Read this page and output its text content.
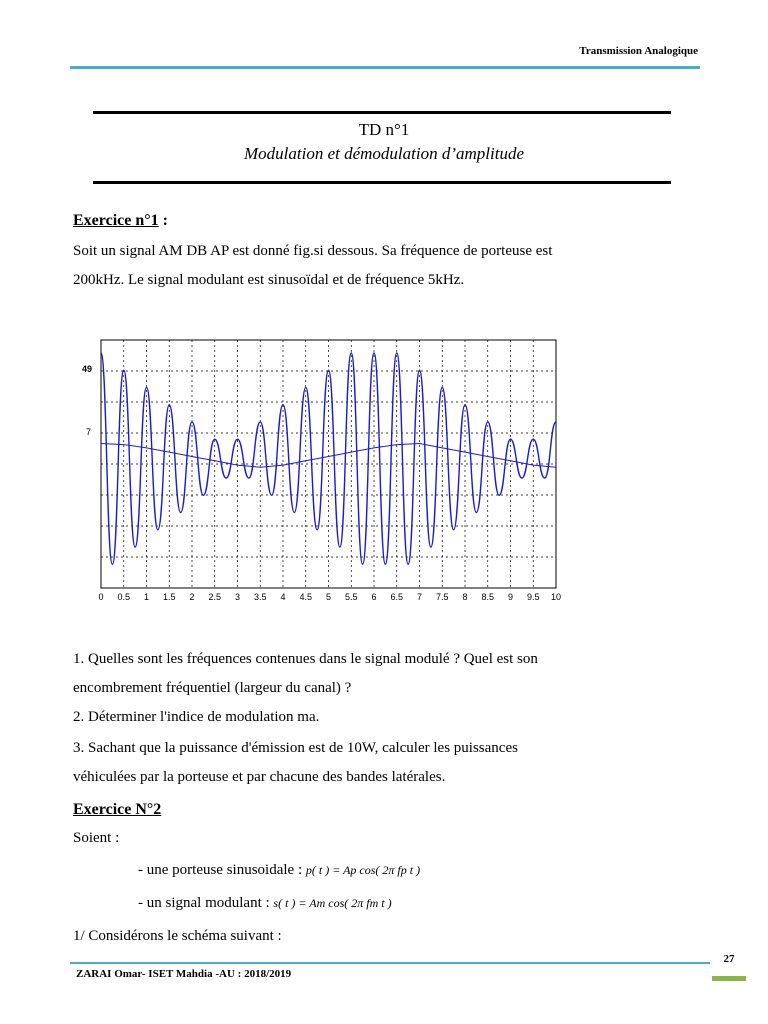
Transmission Analogique
TD n°1
Modulation et démodulation d’amplitude
Exercice n°1 :
Soit un signal AM DB AP est donné fig.si dessous. Sa fréquence de porteuse est
200kHz. Le signal modulant est sinusoïdal et de fréquence 5kHz.
0 0.5 1 1.5 2 2.5 3 3.5 4 4.5 5 5.5 6 6.5 7 7.5 8 8.5 9 9.5 10
49
7
1. Quelles sont les fréquences contenues dans le signal modulé ? Quel est son
encombrement fréquentiel (largeur du canal) ?
2. Déterminer l'indice de modulation ma.
3. Sachant que la puissance d'émission est de 10W, calculer les puissances
véhiculées par la porteuse et par chacune des bandes latérales.
Exercice N°2
Soient :
- une porteuse sinusoidale : p( t ) = Ap cos( 2π fp t )
- un signal modulant : s( t ) = Am cos( 2π fm t )
1/ Considérons le schéma suivant :
ZARAI Omar- ISET Mahdia -AU : 2018/2019
27
